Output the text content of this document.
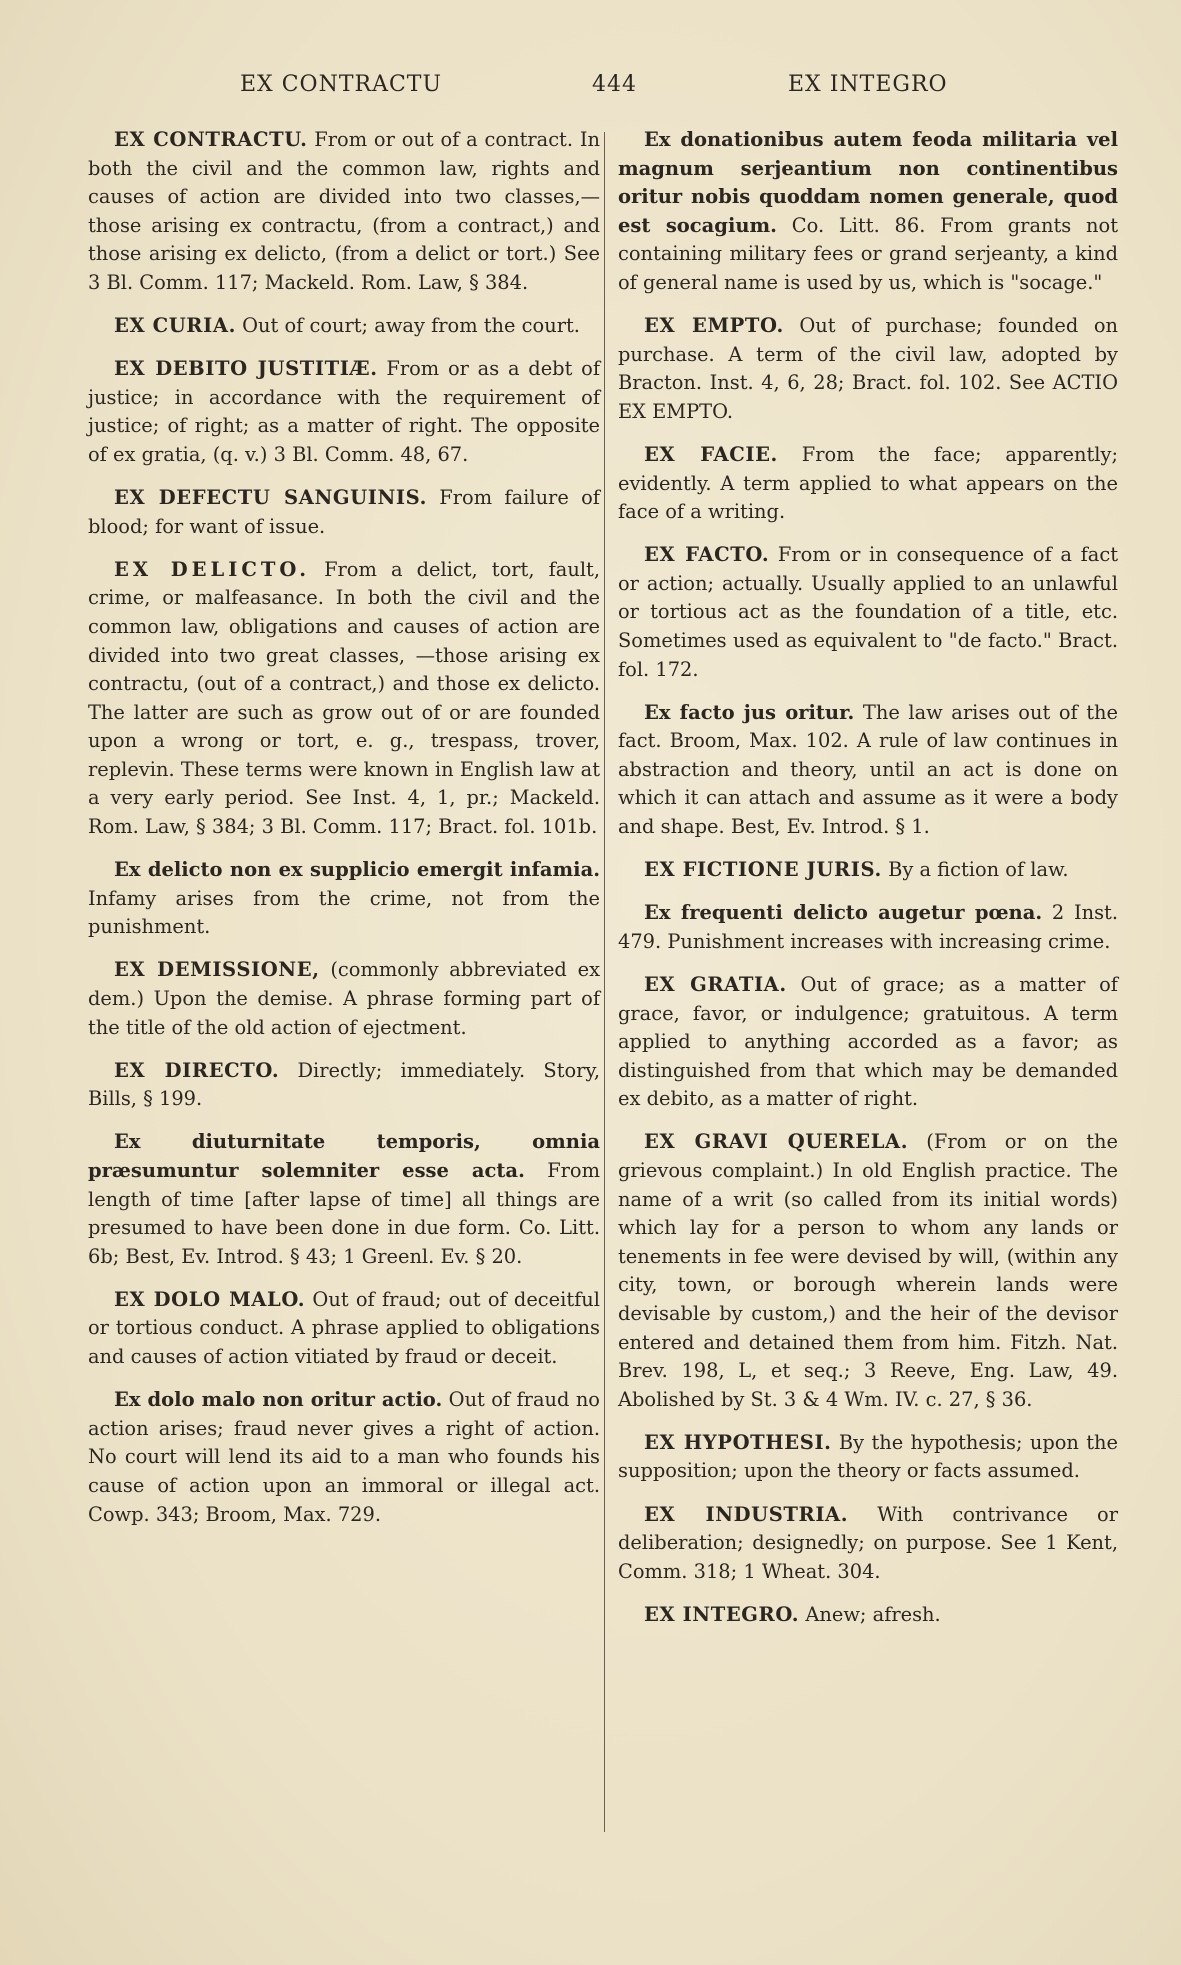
EX CONTRACTU	444	EX INTEGRO

EX CONTRACTU. From or out of a contract. In both the civil and the common law, rights and causes of action are divided into two classes,—those arising ex contractu, (from a contract,) and those arising ex delicto, (from a delict or tort.) See 3 Bl. Comm. 117; Mackeld. Rom. Law, § 384.

EX CURIA. Out of court; away from the court.

EX DEBITO JUSTITIÆ. From or as a debt of justice; in accordance with the requirement of justice; of right; as a matter of right. The opposite of ex gratia, (q. v.) 3 Bl. Comm. 48, 67.

EX DEFECTU SANGUINIS. From failure of blood; for want of issue.

EX DELICTO. From a delict, tort, fault, crime, or malfeasance. In both the civil and the common law, obligations and causes of action are divided into two great classes, —those arising ex contractu, (out of a contract,) and those ex delicto. The latter are such as grow out of or are founded upon a wrong or tort, e. g., trespass, trover, replevin. These terms were known in English law at a very early period. See Inst. 4, 1, pr.; Mackeld. Rom. Law, § 384; 3 Bl. Comm. 117; Bract. fol. 101b.

Ex delicto non ex supplicio emergit infamia. Infamy arises from the crime, not from the punishment.

EX DEMISSIONE, (commonly abbreviated ex dem.) Upon the demise. A phrase forming part of the title of the old action of ejectment.

EX DIRECTO. Directly; immediately. Story, Bills, § 199.

Ex diuturnitate temporis, omnia præsumuntur solemniter esse acta. From length of time [after lapse of time] all things are presumed to have been done in due form. Co. Litt. 6b; Best, Ev. Introd. § 43; 1 Greenl. Ev. § 20.

EX DOLO MALO. Out of fraud; out of deceitful or tortious conduct. A phrase applied to obligations and causes of action vitiated by fraud or deceit.

Ex dolo malo non oritur actio. Out of fraud no action arises; fraud never gives a right of action. No court will lend its aid to a man who founds his cause of action upon an immoral or illegal act. Cowp. 343; Broom, Max. 729.

Ex donationibus autem feoda militaria vel magnum serjeantium non continentibus oritur nobis quoddam nomen generale, quod est socagium. Co. Litt. 86. From grants not containing military fees or grand serjeanty, a kind of general name is used by us, which is "socage."

EX EMPTO. Out of purchase; founded on purchase. A term of the civil law, adopted by Bracton. Inst. 4, 6, 28; Bract. fol. 102. See ACTIO EX EMPTO.

EX FACIE. From the face; apparently; evidently. A term applied to what appears on the face of a writing.

EX FACTO. From or in consequence of a fact or action; actually. Usually applied to an unlawful or tortious act as the foundation of a title, etc. Sometimes used as equivalent to "de facto." Bract. fol. 172.

Ex facto jus oritur. The law arises out of the fact. Broom, Max. 102. A rule of law continues in abstraction and theory, until an act is done on which it can attach and assume as it were a body and shape. Best, Ev. Introd. § 1.

EX FICTIONE JURIS. By a fiction of law.

Ex frequenti delicto augetur pœna. 2 Inst. 479. Punishment increases with increasing crime.

EX GRATIA. Out of grace; as a matter of grace, favor, or indulgence; gratuitous. A term applied to anything accorded as a favor; as distinguished from that which may be demanded ex debito, as a matter of right.

EX GRAVI QUERELA. (From or on the grievous complaint.) In old English practice. The name of a writ (so called from its initial words) which lay for a person to whom any lands or tenements in fee were devised by will, (within any city, town, or borough wherein lands were devisable by custom,) and the heir of the devisor entered and detained them from him. Fitzh. Nat. Brev. 198, L, et seq.; 3 Reeve, Eng. Law, 49. Abolished by St. 3 & 4 Wm. IV. c. 27, § 36.

EX HYPOTHESI. By the hypothesis; upon the supposition; upon the theory or facts assumed.

EX INDUSTRIA. With contrivance or deliberation; designedly; on purpose. See 1 Kent, Comm. 318; 1 Wheat. 304.

EX INTEGRO. Anew; afresh.
